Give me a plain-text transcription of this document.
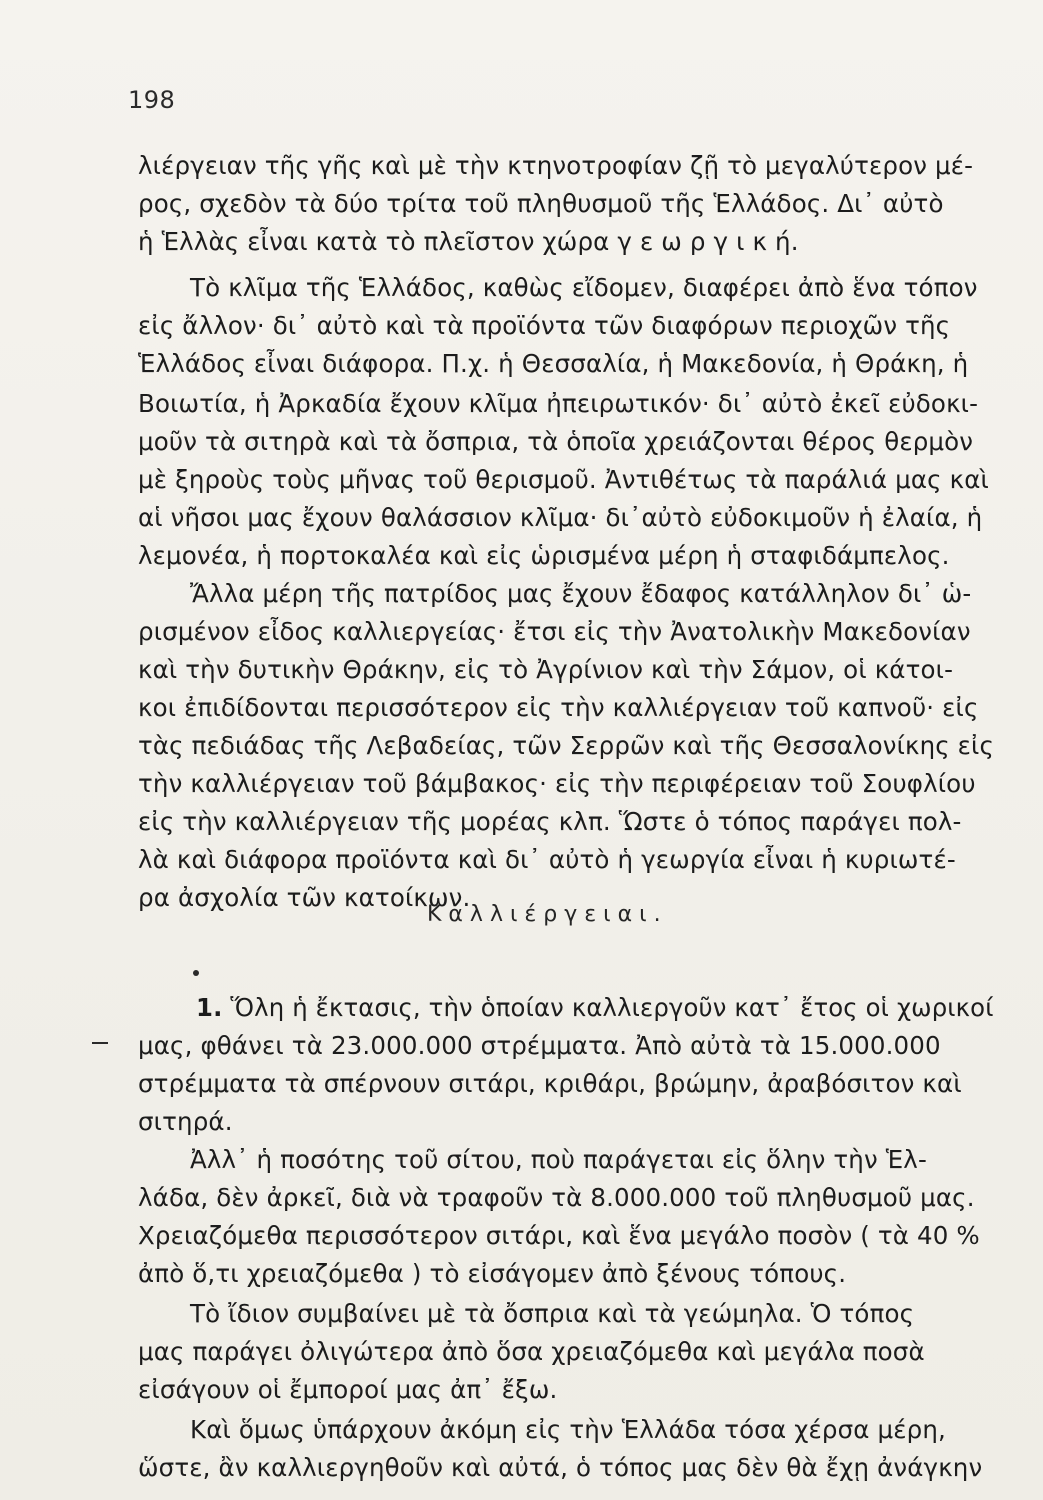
198
λιέργειαν τῆς γῆς καὶ μὲ τὴν κτηνοτροφίαν ζῇ τὸ μεγαλύτερον μέ-
ρος, σχεδὸν τὰ δύο τρίτα τοῦ πληθυσμοῦ τῆς Ἑλλάδος. Δι᾽ αὐτὸ
ἡ Ἑλλὰς εἶναι κατὰ τὸ πλεῖστον χώρα γ ε ω ρ γ ι κ ή.
Τὸ κλῖμα τῆς Ἑλλάδος, καθὼς εἴδομεν, διαφέρει ἀπὸ ἕνα τόπον
εἰς ἄλλον· δι᾽ αὐτὸ καὶ τὰ προϊόντα τῶν διαφόρων περιοχῶν τῆς
Ἑλλάδος εἶναι διάφορα. Π.χ. ἡ Θεσσαλία, ἡ Μακεδονία, ἡ Θράκη, ἡ
Βοιωτία, ἡ Ἀρκαδία ἔχουν κλῖμα ἠπειρωτικόν· δι᾽ αὐτὸ ἐκεῖ εὐδοκι-
μοῦν τὰ σιτηρὰ καὶ τὰ ὄσπρια, τὰ ὁποῖα χρειάζονται θέρος θερμὸν
μὲ ξηροὺς τοὺς μῆνας τοῦ θερισμοῦ. Ἀντιθέτως τὰ παράλιά μας καὶ
αἱ νῆσοι μας ἔχουν θαλάσσιον κλῖμα· δι᾽αὐτὸ εὐδοκιμοῦν ἡ ἐλαία, ἡ
λεμονέα, ἡ πορτοκαλέα καὶ εἰς ὡρισμένα μέρη ἡ σταφιδάμπελος.
Ἄλλα μέρη τῆς πατρίδος μας ἔχουν ἔδαφος κατάλληλον δι᾽ ὡ-
ρισμένον εἶδος καλλιεργείας· ἔτσι εἰς τὴν Ἀνατολικὴν Μακεδονίαν
καὶ τὴν δυτικὴν Θράκην, εἰς τὸ Ἀγρίνιον καὶ τὴν Σάμον, οἱ κάτοι-
κοι ἐπιδίδονται περισσότερον εἰς τὴν καλλιέργειαν τοῦ καπνοῦ· εἰς
τὰς πεδιάδας τῆς Λεβαδείας, τῶν Σερρῶν καὶ τῆς Θεσσαλονίκης εἰς
τὴν καλλιέργειαν τοῦ βάμβακος· εἰς τὴν περιφέρειαν τοῦ Σουφλίου
εἰς τὴν καλλιέργειαν τῆς μορέας κλπ. Ὥστε ὁ τόπος παράγει πολ-
λὰ καὶ διάφορα προϊόντα καὶ δι᾽ αὐτὸ ἡ γεωργία εἶναι ἡ κυριωτέ-
ρα ἀσχολία τῶν κατοίκων.
Καλλιέργειαι.
1. Ὅλη ἡ ἔκτασις, τὴν ὁποίαν καλλιεργοῦν κατ᾽ ἔτος οἱ χωρικοί
μας, φθάνει τὰ 23.000.000 στρέμματα. Ἀπὸ αὐτὰ τὰ 15.000.000
στρέμματα τὰ σπέρνουν σιτάρι, κριθάρι, βρώμην, ἀραβόσιτον καὶ
σιτηρά.
Ἀλλ᾽ ἡ ποσότης τοῦ σίτου, ποὺ παράγεται εἰς ὅλην τὴν Ἑλ-
λάδα, δὲν ἀρκεῖ, διὰ νὰ τραφοῦν τὰ 8.000.000 τοῦ πληθυσμοῦ μας.
Χρειαζόμεθα περισσότερον σιτάρι, καὶ ἕνα μεγάλο ποσὸν ( τὰ 40 %
ἀπὸ ὅ,τι χρειαζόμεθα ) τὸ εἰσάγομεν ἀπὸ ξένους τόπους.
Τὸ ἴδιον συμβαίνει μὲ τὰ ὄσπρια καὶ τὰ γεώμηλα. Ὁ τόπος
μας παράγει ὀλιγώτερα ἀπὸ ὅσα χρειαζόμεθα καὶ μεγάλα ποσὰ
εἰσάγουν οἱ ἔμποροί μας ἀπ᾽ ἔξω.
Καὶ ὅμως ὑπάρχουν ἀκόμη εἰς τὴν Ἑλλάδα τόσα χέρσα μέρη,
ὥστε, ἂν καλλιεργηθοῦν καὶ αὐτά, ὁ τόπος μας δὲν θὰ ἔχῃ ἀνάγκην
